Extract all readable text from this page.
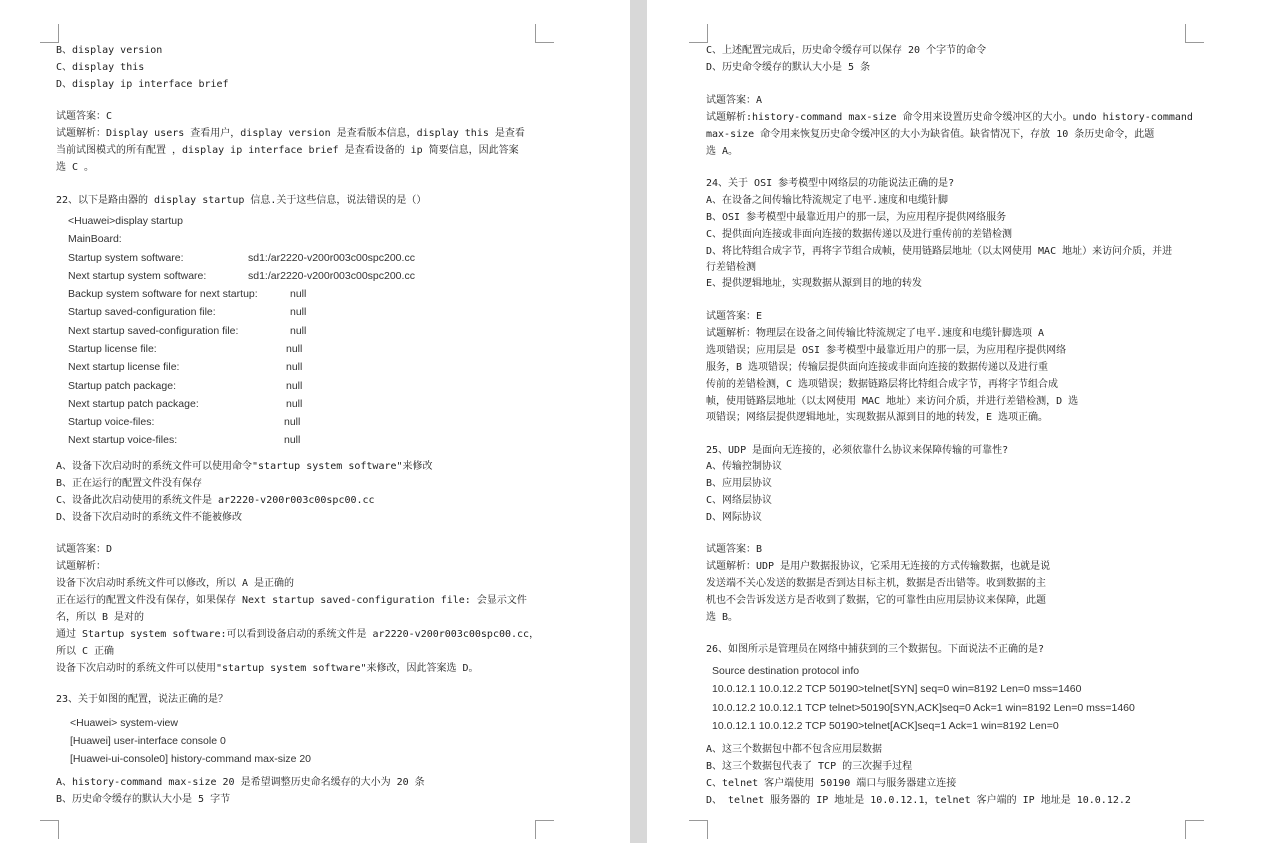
B、display version
C、display this
D、display ip interface brief
试题答案：C
试题解析：Display users 查看用户，display version 是查看版本信息，display this 是查看
当前试图模式的所有配置 ，display ip interface brief 是查看设备的 ip 简要信息，因此答案
选 C 。
22、以下是路由器的 display startup 信息.关于这些信息，说法错误的是（）
<Huawei>display startup
MainBoard:
Startup system software:	sd1:/ar2220-v200r003c00spc200.cc
Next startup system software:	sd1:/ar2220-v200r003c00spc200.cc
Backup system software for next startup:	null
Startup saved-configuration file:	null
Next startup saved-configuration file:	null
Startup license file:	null
Next startup license file:	null
Startup patch package:	null
Next startup patch package:	null
Startup voice-files:	null
Next startup voice-files:	null
A、设备下次启动时的系统文件可以使用命令"startup system software"来修改
B、正在运行的配置文件没有保存
C、设备此次启动使用的系统文件是 ar2220-v200r003c00spc00.cc
D、设备下次启动时的系统文件不能被修改
试题答案：D
试题解析：
设备下次启动时系统文件可以修改，所以 A 是正确的
正在运行的配置文件没有保存，如果保存 Next startup saved-configuration file: 会显示文件
名，所以 B 是对的
通过 Startup system software:可以看到设备启动的系统文件是 ar2220-v200r003c00spc00.cc，
所以 C 正确
设备下次启动时的系统文件可以使用"startup system software"来修改，因此答案选 D。
23、关于如图的配置，说法正确的是？
<Huawei> system-view
[Huawei] user-interface console 0
[Huawei-ui-console0] history-command max-size 20
A、history-command max-size 20 是希望调整历史命名缓存的大小为 20 条
B、历史命令缓存的默认大小是 5 字节
C、上述配置完成后，历史命令缓存可以保存 20 个字节的命令
D、历史命令缓存的默认大小是 5 条
试题答案：A
试题解析:history-command max-size 命令用来设置历史命令缓冲区的大小。undo history-command
max-size 命令用来恢复历史命令缓冲区的大小为缺省值。缺省情况下，存放 10 条历史命令，此题
选 A。
24、关于 OSI 参考模型中网络层的功能说法正确的是?
A、在设备之间传输比特流规定了电平.速度和电缆针脚
B、OSI 参考模型中最靠近用户的那一层，为应用程序提供网络服务
C、提供面向连接或非面向连接的数据传递以及进行重传前的差错检测
D、将比特组合成字节，再将字节组合成帧，使用链路层地址（以太网使用 MAC 地址）来访问介质，并进
行差错检测
E、提供逻辑地址，实现数据从源到目的地的转发
试题答案：E
试题解析：物理层在设备之间传输比特流规定了电平.速度和电缆针脚选项 A
选项错误；应用层是 OSI 参考模型中最靠近用户的那一层，为应用程序提供网络
服务，B 选项错误；传输层提供面向连接或非面向连接的数据传递以及进行重
传前的差错检测，C 选项错误；数据链路层将比特组合成字节，再将字节组合成
帧，使用链路层地址（以太网使用 MAC 地址）来访问介质，并进行差错检测，D 选
项错误；网络层提供逻辑地址，实现数据从源到目的地的转发，E 选项正确。
25、UDP 是面向无连接的，必须依靠什么协议来保障传输的可靠性?
A、传输控制协议
B、应用层协议
C、网络层协议
D、网际协议
试题答案：B
试题解析：UDP 是用户数据报协议，它采用无连接的方式传输数据，也就是说
发送端不关心发送的数据是否到达目标主机，数据是否出错等。收到数据的主
机也不会告诉发送方是否收到了数据，它的可靠性由应用层协议来保障，此题
选 B。
26、如图所示是管理员在网络中捕获到的三个数据包。下面说法不正确的是?
Source destination protocol info
10.0.12.1 10.0.12.2 TCP 50190>telnet[SYN] seq=0 win=8192 Len=0 mss=1460
10.0.12.2 10.0.12.1 TCP telnet>50190[SYN,ACK]seq=0 Ack=1 win=8192 Len=0 mss=1460
10.0.12.1 10.0.12.2 TCP 50190>telnet[ACK]seq=1 Ack=1 win=8192 Len=0
A、这三个数据包中都不包含应用层数据
B、这三个数据包代表了 TCP 的三次握手过程
C、telnet 客户端使用 50190 端口与服务器建立连接
D、 telnet 服务器的 IP 地址是 10.0.12.1，telnet 客户端的 IP 地址是 10.0.12.2
